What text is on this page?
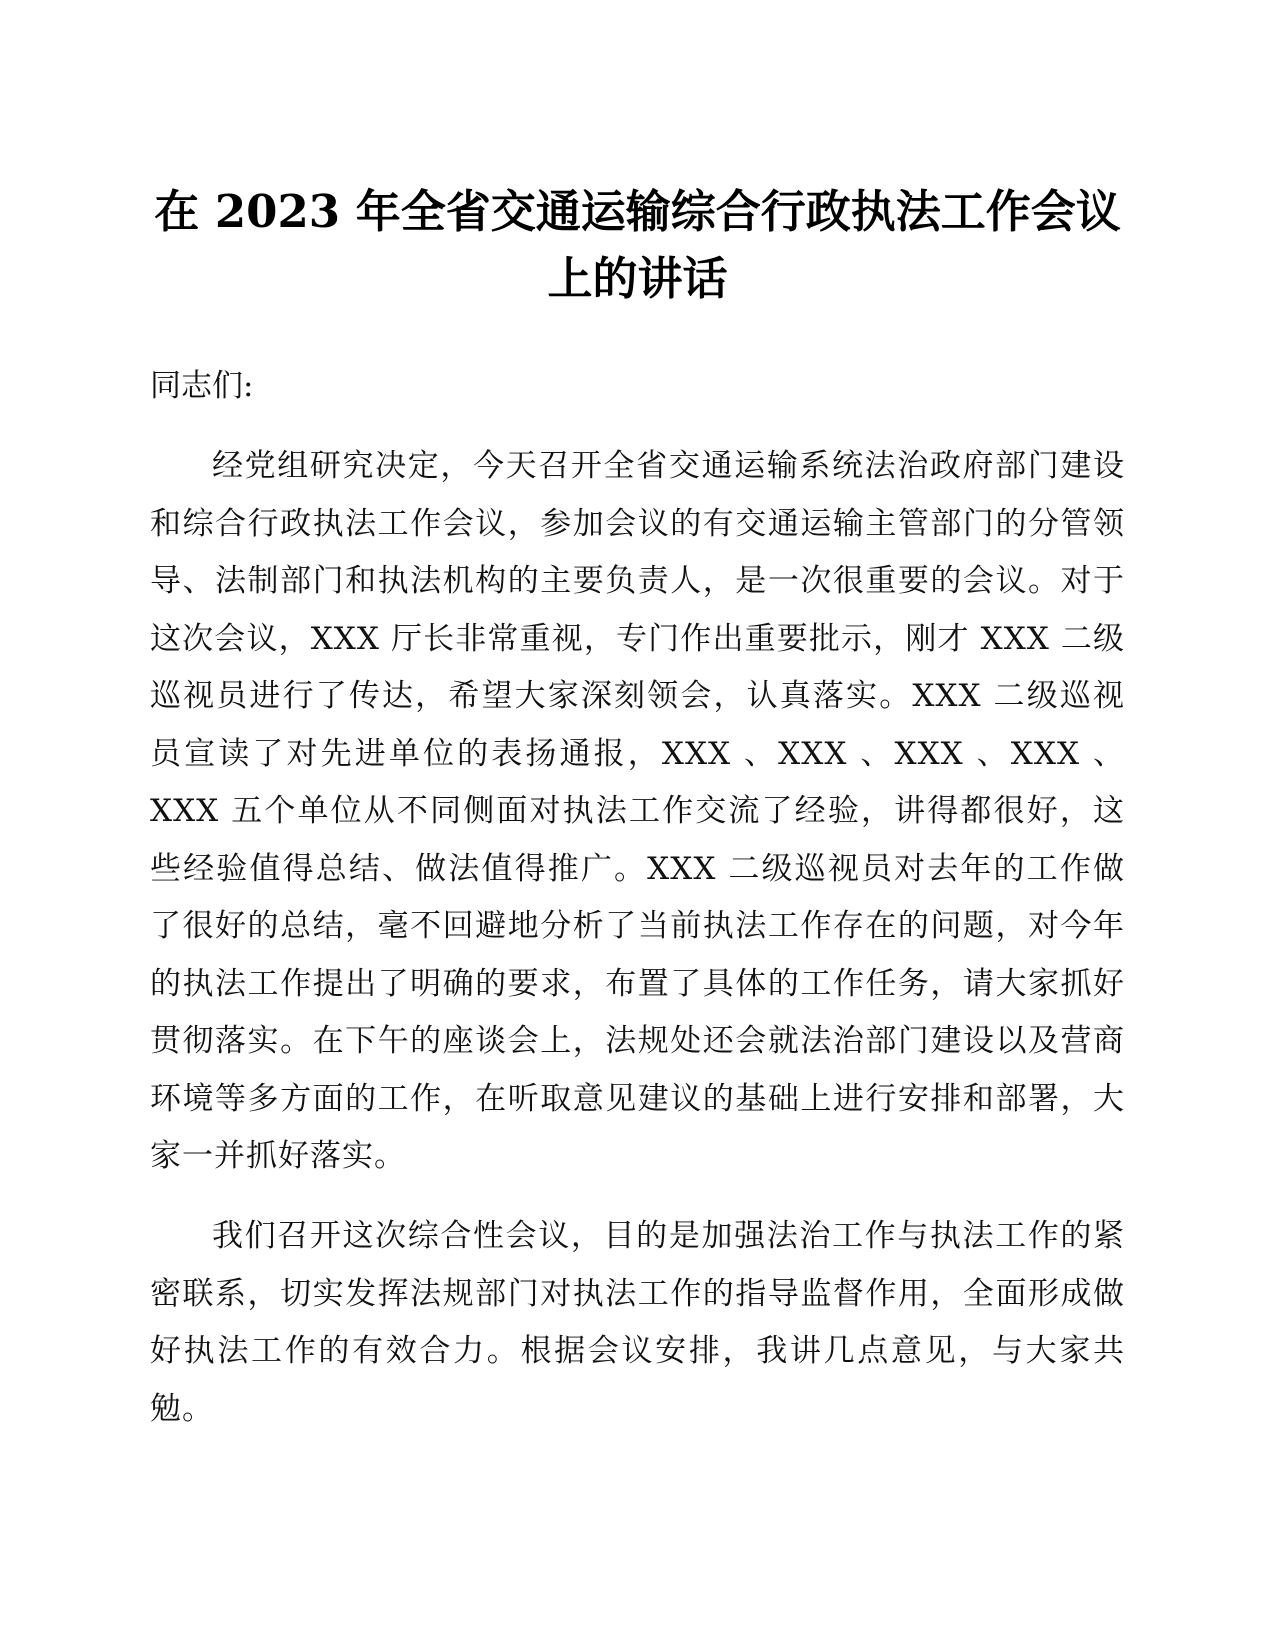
在 2023 年全省交通运输综合行政执法工作会议
上的讲话

同志们:

经党组研究决定，今天召开全省交通运输系统法治政府部门建设和综合行政执法工作会议，参加会议的有交通运输主管部门的分管领导、法制部门和执法机构的主要负责人，是一次很重要的会议。对于这次会议，XXX 厅长非常重视，专门作出重要批示，刚才 XXX 二级巡视员进行了传达，希望大家深刻领会，认真落实。XXX 二级巡视员宣读了对先进单位的表扬通报，XXX 、XXX 、XXX 、XXX 、XXX 五个单位从不同侧面对执法工作交流了经验，讲得都很好，这些经验值得总结、做法值得推广。XXX 二级巡视员对去年的工作做了很好的总结，毫不回避地分析了当前执法工作存在的问题，对今年的执法工作提出了明确的要求，布置了具体的工作任务，请大家抓好贯彻落实。在下午的座谈会上，法规处还会就法治部门建设以及营商环境等多方面的工作，在听取意见建议的基础上进行安排和部署，大家一并抓好落实。

我们召开这次综合性会议，目的是加强法治工作与执法工作的紧密联系，切实发挥法规部门对执法工作的指导监督作用，全面形成做好执法工作的有效合力。根据会议安排，我讲几点意见，与大家共勉。
